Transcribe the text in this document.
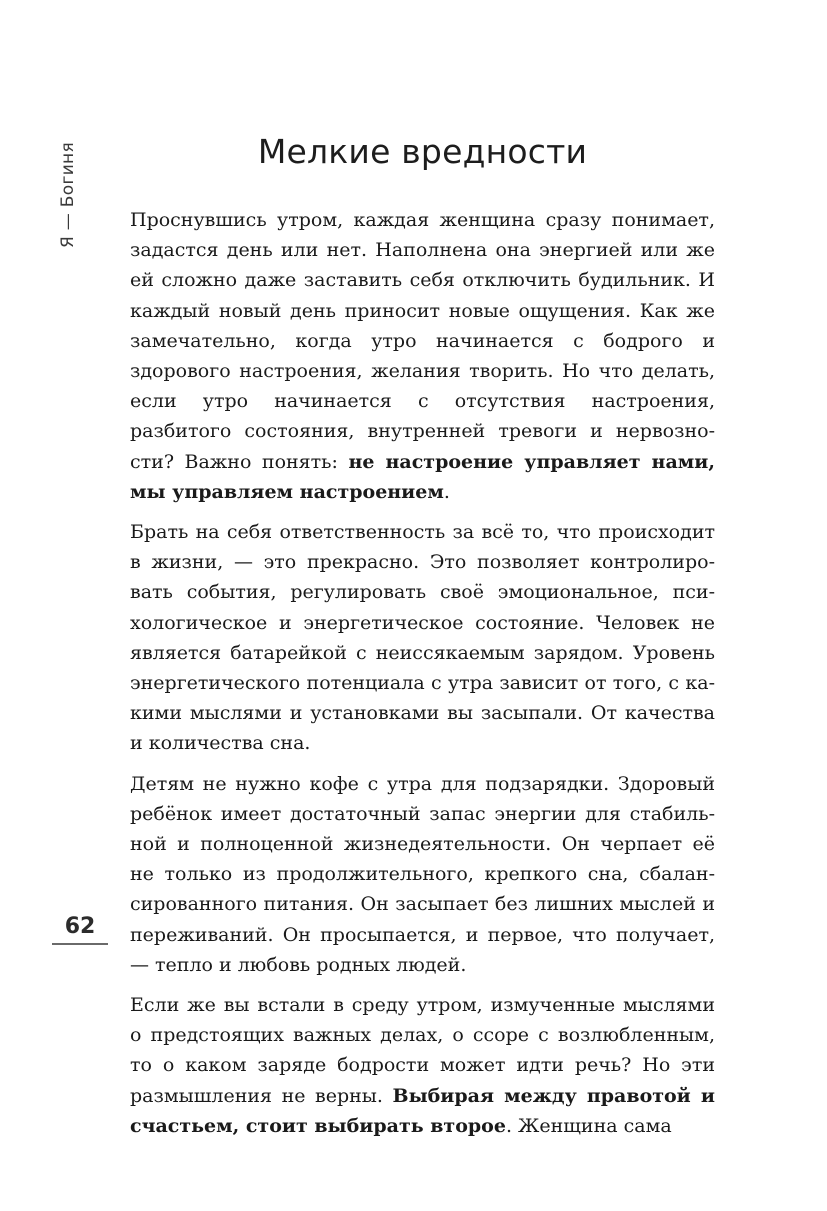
Я — Богиня
62
Мелкие вредности

Проснувшись утром, каждая женщина сразу понимает, задастся день или нет. Наполнена она энергией или же ей сложно даже заставить себя отключить будильник. И каждый новый день приносит новые ощущения. Как же замечательно, когда утро начинается с бодрого и здорового настроения, желания творить. Но что делать, если утро начинается с отсутствия настроения, разбитого состояния, внутренней тревоги и нервозности? Важно понять: не настроение управляет нами, мы управляем настроением.

Брать на себя ответственность за всё то, что происходит в жизни, — это прекрасно. Это позволяет контролировать события, регулировать своё эмоциональное, психологическое и энергетическое состояние. Человек не является батарейкой с неиссякаемым зарядом. Уровень энергетического потенциала с утра зависит от того, с какими мыслями и установками вы засыпали. От качества и количества сна.

Детям не нужно кофе с утра для подзарядки. Здоровый ребёнок имеет достаточный запас энергии для стабильной и полноценной жизнедеятельности. Он черпает её не только из продолжительного, крепкого сна, сбалансированного питания. Он засыпает без лишних мыслей и переживаний. Он просыпается, и первое, что получает, — тепло и любовь родных людей.

Если же вы встали в среду утром, измученные мыслями о предстоящих важных делах, о ссоре с возлюбленным, то о каком заряде бодрости может идти речь? Но эти размышления не верны. Выбирая между правотой и счастьем, стоит выбирать второе. Женщина сама
